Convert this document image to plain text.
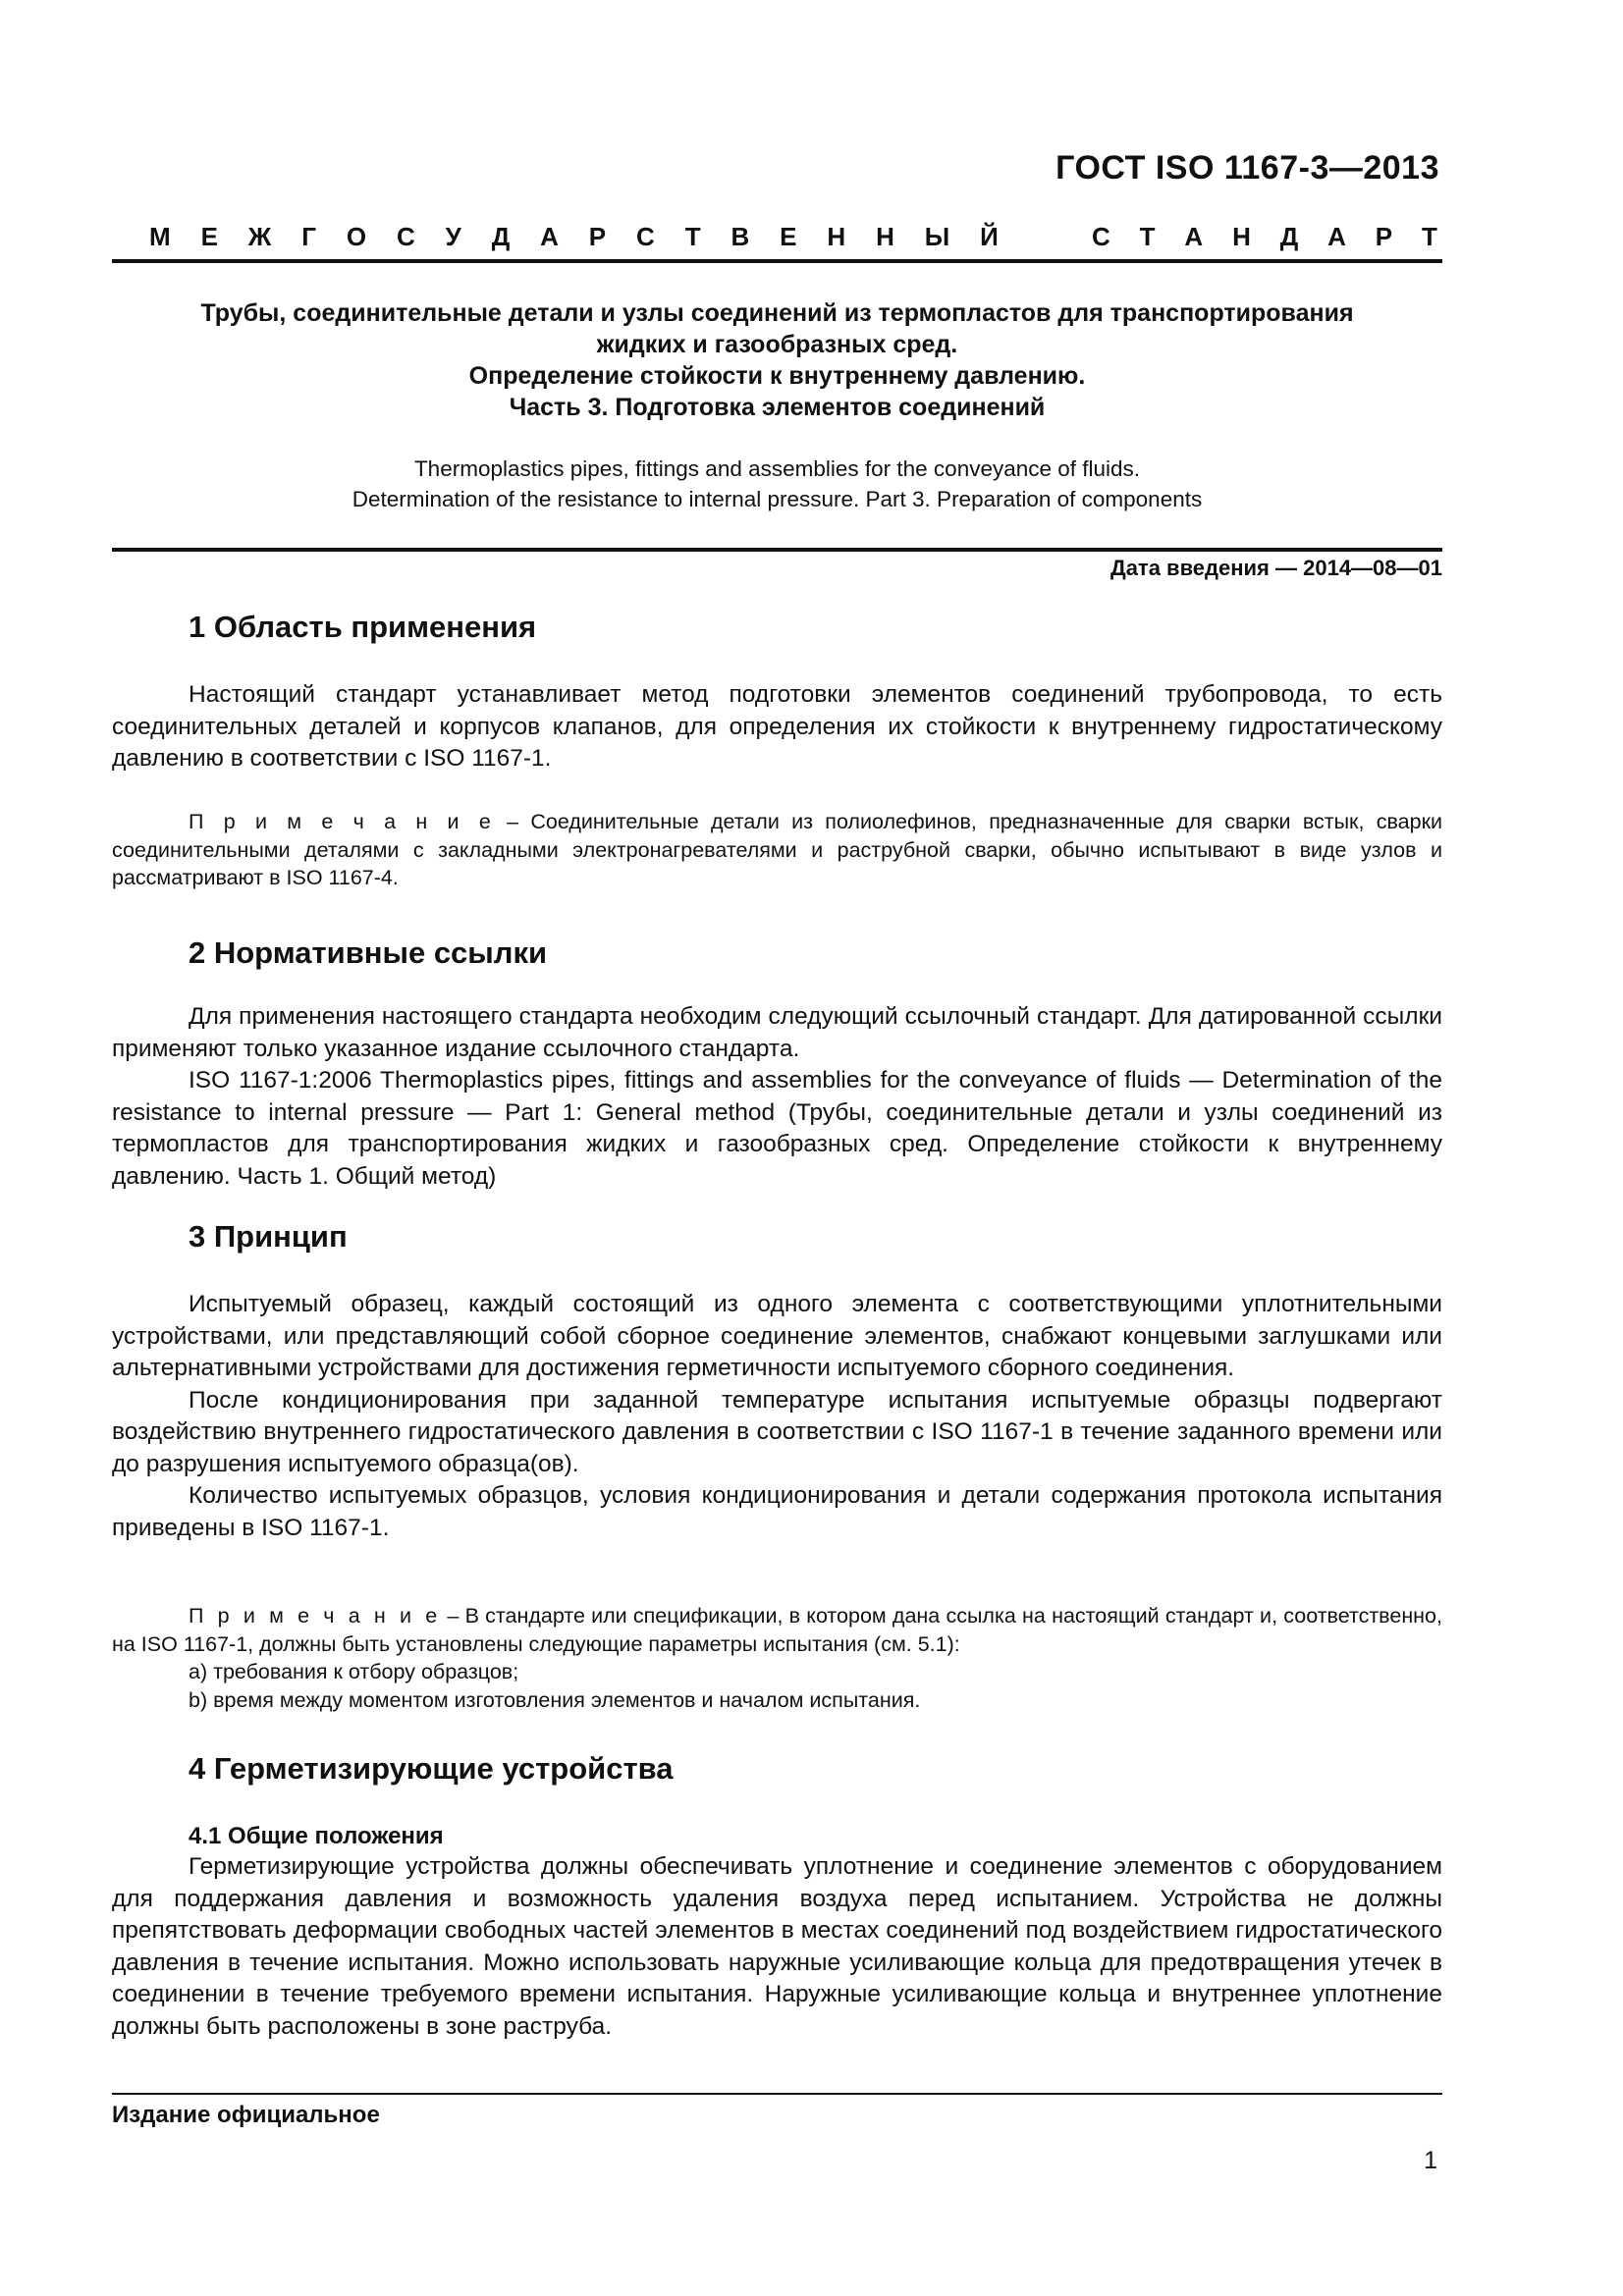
ГОСТ ISO 1167-3—2013
М Е Ж Г О С У Д А Р С Т В Е Н Н Ы Й	С Т А Н Д А Р Т
Трубы, соединительные детали и узлы соединений из термопластов для транспортирования
жидких и газообразных сред.
Определение стойкости к внутреннему давлению.
Часть 3. Подготовка элементов соединений
Thermoplastics pipes, fittings and assemblies for the conveyance of fluids.
Determination of the resistance to internal pressure. Part 3. Preparation of components
Дата введения — 2014—08—01
1 Область применения

Настоящий стандарт устанавливает метод подготовки элементов соединений трубопровода, то есть соединительных деталей и корпусов клапанов, для определения их стойкости к внутреннему гидростатическому давлению в соответствии с ISO 1167-1.

П р и м е ч а н и е – Соединительные детали из полиолефинов, предназначенные для сварки встык, сварки соединительными деталями с закладными электронагревателями и раструбной сварки, обычно испытывают в виде узлов и рассматривают в ISO 1167-4.

2 Нормативные ссылки

Для применения настоящего стандарта необходим следующий ссылочный стандарт. Для датированной ссылки применяют только указанное издание ссылочного стандарта.

ISO 1167-1:2006 Thermoplastics pipes, fittings and assemblies for the conveyance of fluids — Determination of the resistance to internal pressure — Part 1: General method (Трубы, соединительные детали и узлы соединений из термопластов для транспортирования жидких и газообразных сред. Определение стойкости к внутреннему давлению. Часть 1. Общий метод)

3 Принцип

Испытуемый образец, каждый состоящий из одного элемента с соответствующими уплотнительными устройствами, или представляющий собой сборное соединение элементов, снабжают концевыми заглушками или альтернативными устройствами для достижения герметичности испытуемого сборного соединения.

После кондиционирования при заданной температуре испытания испытуемые образцы подвергают воздействию внутреннего гидростатического давления в соответствии с ISO 1167-1 в течение заданного времени или до разрушения испытуемого образца(ов).

Количество испытуемых образцов, условия кондиционирования и детали содержания протокола испытания приведены в ISO 1167-1.

П р и м е ч а н и е – В стандарте или спецификации, в котором дана ссылка на настоящий стандарт и, соответственно, на ISO 1167-1, должны быть установлены следующие параметры испытания (см. 5.1):

а) требования к отбору образцов;

b) время между моментом изготовления элементов и началом испытания.

4 Герметизирующие устройства
4.1 Общие положения

Герметизирующие устройства должны обеспечивать уплотнение и соединение элементов с оборудованием для поддержания давления и возможность удаления воздуха перед испытанием. Устройства не должны препятствовать деформации свободных частей элементов в местах соединений под воздействием гидростатического давления в течение испытания. Можно использовать наружные усиливающие кольца для предотвращения утечек в соединении в течение требуемого времени испытания. Наружные усиливающие кольца и внутреннее уплотнение должны быть расположены в зоне раструба.

Издание официальное
1
